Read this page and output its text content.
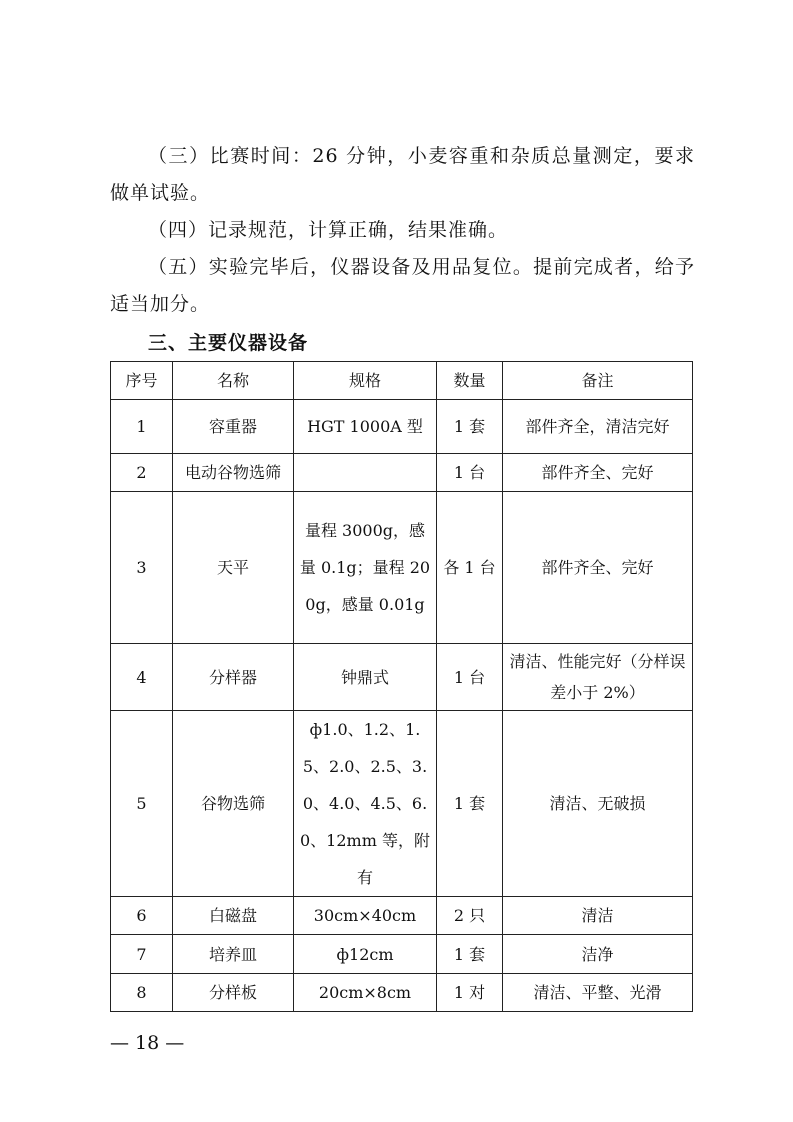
（三）比赛时间：26 分钟，小麦容重和杂质总量测定，要求做单试验。

（四）记录规范，计算正确，结果准确。

（五）实验完毕后，仪器设备及用品复位。提前完成者，给予适当加分。

三、主要仪器设备
序号	名称	规格	数量	备注
1	容重器	HGT 1000A 型	1 套	部件齐全，清洁完好
2	电动谷物选筛		1 台	部件齐全、完好
3	天平	量程 3000g，感量 0.1g；量程 200g，感量 0.01g	各 1 台	部件齐全、完好
4	分样器	钟鼎式	1 台	清洁、性能完好（分样误差小于 2%）
5	谷物选筛	ф1.0、1.2、1.5、2.0、2.5、3.0、4.0、4.5、6.0、12mm 等，附有	1 套	清洁、无破损
6	白磁盘	30cm×40cm	2 只	清洁
7	培养皿	ф12cm	1 套	洁净
8	分样板	20cm×8cm	1 对	清洁、平整、光滑

— 18 —
